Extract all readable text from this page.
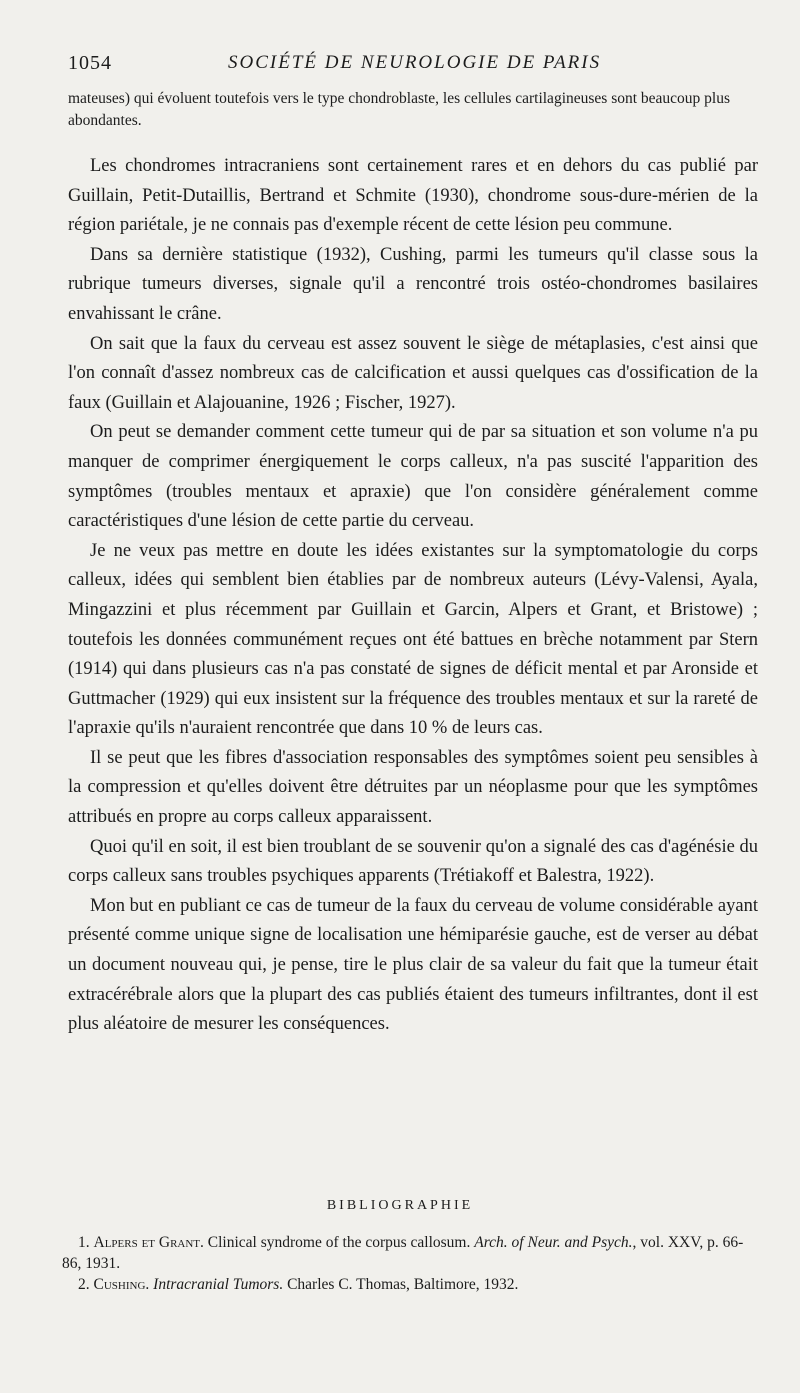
1054	SOCIÉTÉ DE NEUROLOGIE DE PARIS
mateuses) qui évoluent toutefois vers le type chondroblaste, les cellules cartilagineuses sont beaucoup plus abondantes.

Les chondromes intracraniens sont certainement rares et en dehors du cas publié par Guillain, Petit-Dutaillis, Bertrand et Schmite (1930), chondrome sous-dure-mérien de la région pariétale, je ne connais pas d'exemple récent de cette lésion peu commune.

Dans sa dernière statistique (1932), Cushing, parmi les tumeurs qu'il classe sous la rubrique tumeurs diverses, signale qu'il a rencontré trois ostéo-chondromes basilaires envahissant le crâne.

On sait que la faux du cerveau est assez souvent le siège de métaplasies, c'est ainsi que l'on connaît d'assez nombreux cas de calcification et aussi quelques cas d'ossification de la faux (Guillain et Alajouanine, 1926 ; Fischer, 1927).

On peut se demander comment cette tumeur qui de par sa situation et son volume n'a pu manquer de comprimer énergiquement le corps calleux, n'a pas suscité l'apparition des symptômes (troubles mentaux et apraxie) que l'on considère généralement comme caractéristiques d'une lésion de cette partie du cerveau.

Je ne veux pas mettre en doute les idées existantes sur la symptomatologie du corps calleux, idées qui semblent bien établies par de nombreux auteurs (Lévy-Valensi, Ayala, Mingazzini et plus récemment par Guillain et Garcin, Alpers et Grant, et Bristowe) ; toutefois les données communément reçues ont été battues en brèche notamment par Stern (1914) qui dans plusieurs cas n'a pas constaté de signes de déficit mental et par Aronside et Guttmacher (1929) qui eux insistent sur la fréquence des troubles mentaux et sur la rareté de l'apraxie qu'ils n'auraient rencontrée que dans 10 % de leurs cas.

Il se peut que les fibres d'association responsables des symptômes soient peu sensibles à la compression et qu'elles doivent être détruites par un néoplasme pour que les symptômes attribués en propre au corps calleux apparaissent.

Quoi qu'il en soit, il est bien troublant de se souvenir qu'on a signalé des cas d'agénésie du corps calleux sans troubles psychiques apparents (Trétiakoff et Balestra, 1922).

Mon but en publiant ce cas de tumeur de la faux du cerveau de volume considérable ayant présenté comme unique signe de localisation une hémiparésie gauche, est de verser au débat un document nouveau qui, je pense, tire le plus clair de sa valeur du fait que la tumeur était extracérébrale alors que la plupart des cas publiés étaient des tumeurs infiltrantes, dont il est plus aléatoire de mesurer les conséquences.

BIBLIOGRAPHIE

1. Alpers et Grant. Clinical syndrome of the corpus callosum. Arch. of Neur. and Psych., vol. XXV, p. 66-86, 1931.

2. Cushing. Intracranial Tumors. Charles C. Thomas, Baltimore, 1932.
